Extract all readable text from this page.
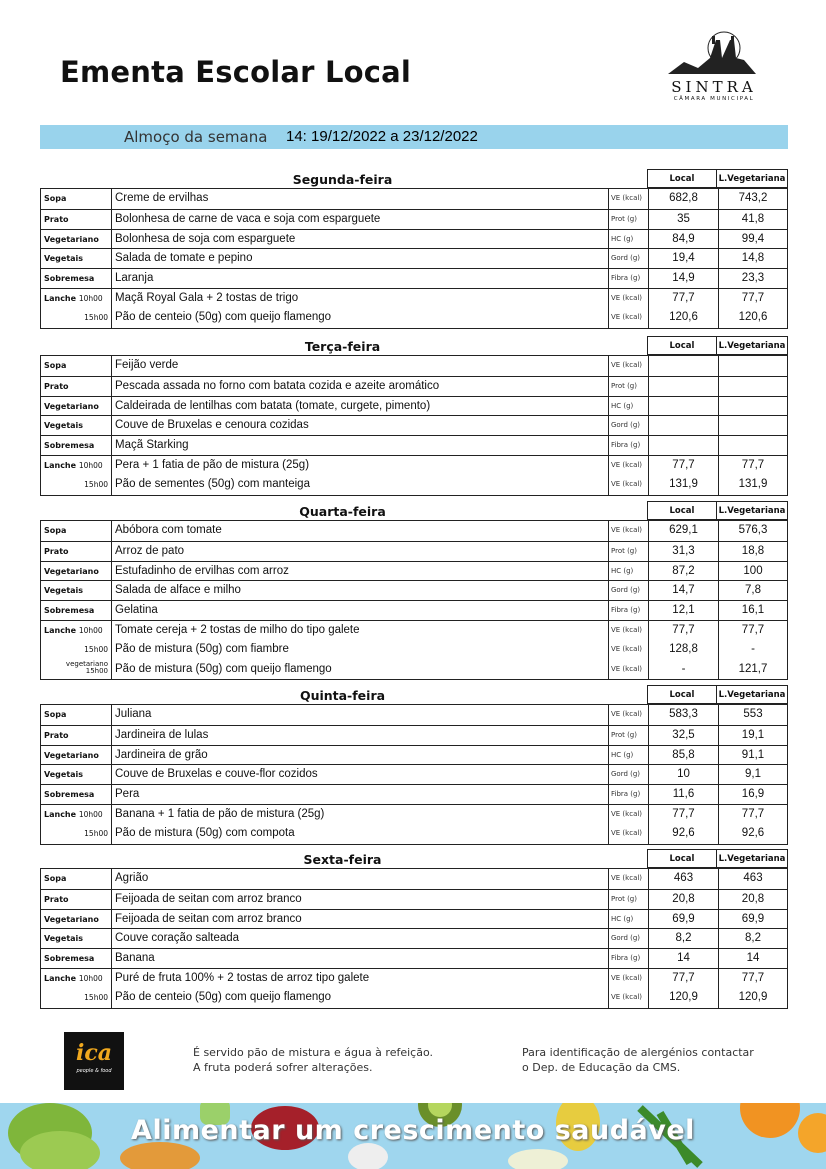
Ementa Escolar Local	SINTRA
CÂMARA MUNICIPAL
Almoço da semana 14: 19/12/2022 a 23/12/2022
Segunda-feira	Local	L.Vegetariana
Sopa	Creme de ervilhas	VE (kcal)	682,8	743,2
Prato	Bolonhesa de carne de vaca e soja com esparguete	Prot (g)	35	41,8
Vegetariano	Bolonhesa de soja com esparguete	HC (g)	84,9	99,4
Vegetais	Salada de tomate e pepino	Gord (g)	19,4	14,8
Sobremesa	Laranja	Fibra (g)	14,9	23,3
Lanche 10h00	Maçã Royal Gala + 2 tostas de trigo	VE (kcal)	77,7	77,7
15h00 Pão de centeio (50g) com queijo flamengo	VE (kcal)	120,6	120,6
Terça-feira	Local	L.Vegetariana
Sopa	Feijão verde	VE (kcal)
Prato	Pescada assada no forno com batata cozida e azeite aromático	Prot (g)
Vegetariano	Caldeirada de lentilhas com batata (tomate, curgete, pimento)	HC (g)
Vegetais	Couve de Bruxelas e cenoura cozidas	Gord (g)
Sobremesa	Maçã Starking	Fibra (g)
Lanche 10h00	Pera + 1 fatia de pão de mistura (25g)	VE (kcal)	77,7	77,7
15h00 Pão de sementes (50g) com manteiga	VE (kcal)	131,9	131,9
Quarta-feira	Local	L.Vegetariana
Sopa	Abóbora com tomate	VE (kcal)	629,1	576,3
Prato	Arroz de pato	Prot (g)	31,3	18,8
Vegetariano	Estufadinho de ervilhas com arroz	HC (g)	87,2	100
Vegetais	Salada de alface e milho	Gord (g)	14,7	7,8
Sobremesa	Gelatina	Fibra (g)	12,1	16,1
Lanche 10h00	Tomate cereja + 2 tostas de milho do tipo galete	VE (kcal)	77,7	77,7
15h00 Pão de mistura (50g) com fiambre	VE (kcal)	128,8	-
vegetariano
15h00 Pão de mistura (50g) com queijo flamengo	VE (kcal)	-	121,7
Quinta-feira	Local	L.Vegetariana
Sopa	Juliana	VE (kcal)	583,3	553
Prato	Jardineira de lulas	Prot (g)	32,5	19,1
Vegetariano	Jardineira de grão	HC (g)	85,8	91,1
Vegetais	Couve de Bruxelas e couve-flor cozidos	Gord (g)	10	9,1
Sobremesa	Pera	Fibra (g)	11,6	16,9
Lanche 10h00	Banana + 1 fatia de pão de mistura (25g)	VE (kcal)	77,7	77,7
15h00 Pão de mistura (50g) com compota	VE (kcal)	92,6	92,6
Sexta-feira	Local	L.Vegetariana
Sopa	Agrião	VE (kcal)	463	463
Prato	Feijoada de seitan com arroz branco	Prot (g)	20,8	20,8
Vegetariano	Feijoada de seitan com arroz branco	HC (g)	69,9	69,9
Vegetais	Couve coração salteada	Gord (g)	8,2	8,2
Sobremesa	Banana	Fibra (g)	14	14
Lanche 10h00	Puré de fruta 100% + 2 tostas de arroz tipo galete	VE (kcal)	77,7	77,7
15h00 Pão de centeio (50g) com queijo flamengo	VE (kcal)	120,9	120,9
ica
people & food
É servido pão de mistura e água à refeição.
A fruta poderá sofrer alterações.
Para identificação de alergénios contactar
o Dep. de Educação da CMS.
Alimentar um crescimento saudável
